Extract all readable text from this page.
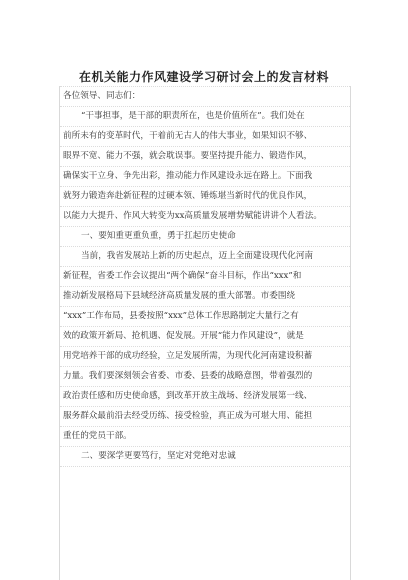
在机关能力作风建设学习研讨会上的发言材料
各位领导、同志们：
“干事担事，是干部的职责所在，也是价值所在”。我们处在
前所未有的变革时代，干着前无古人的伟大事业，如果知识不够、
眼界不宽、能力不强，就会耽误事。要坚持提升能力、锻造作风，
确保实干立身、争先出彩，推动能力作风建设永远在路上。下面我
就努力锻造奔赴新征程的过硬本领、锤炼堪当新时代的优良作风，
以能力大提升、作风大转变为xx高质量发展增势赋能讲讲个人看法。
一、要知重更重负重，勇于扛起历史使命
当前，我省发展站上新的历史起点，迈上全面建设现代化河南
新征程，省委工作会议提出“两个确保”奋斗目标，作出“xxx”和
推动新发展格局下县域经济高质量发展的重大部署。市委围绕
“xxx”工作布局，县委按照“xxx”总体工作思路制定大量行之有
效的政策开新局、抢机遇、促发展。开展“能力作风建设”，就是
用党培养干部的成功经验，立足发展所需，为现代化河南建设积蓄
力量。我们要深刻领会省委、市委、县委的战略意图，带着强烈的
政治责任感和历史使命感，到改革开放主战场、经济发展第一线、
服务群众最前沿去经受历练、接受检验，真正成为可堪大用、能担
重任的党员干部。
二、要深学更要笃行，坚定对党绝对忠诚
